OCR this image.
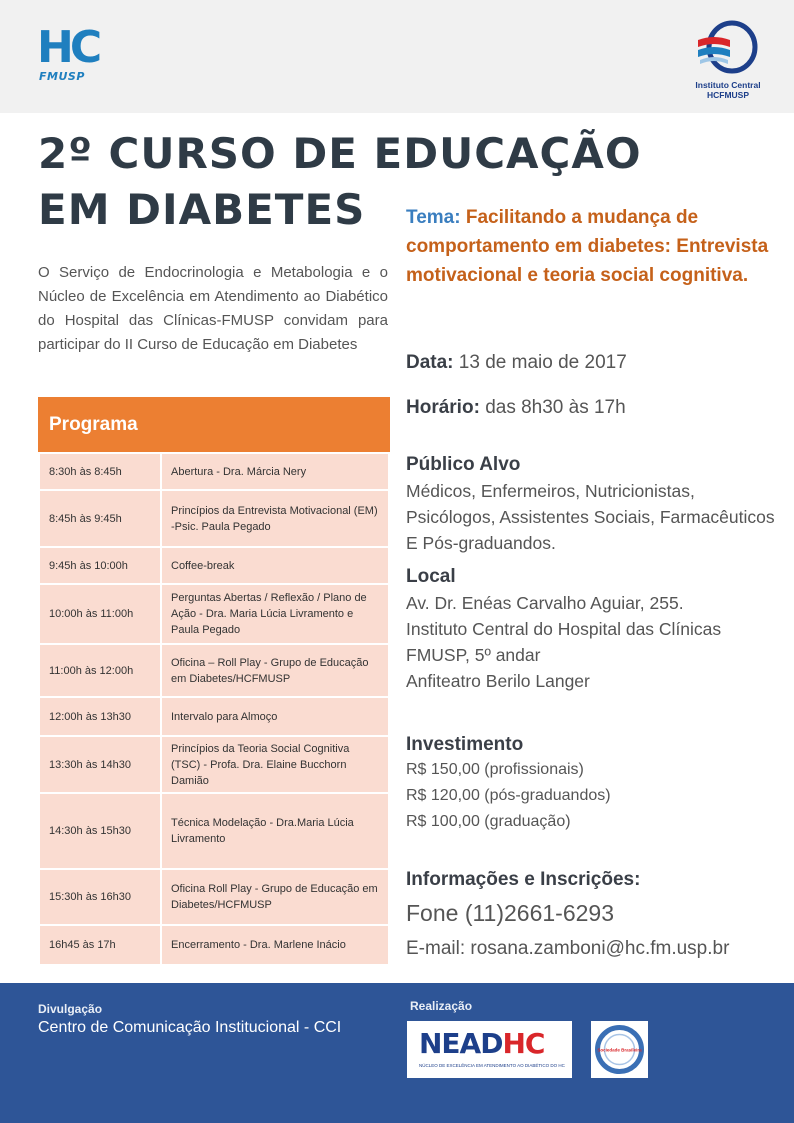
HC
FMUSP
Instituto Central
HCFMUSP
2º CURSO DE EDUCAÇÃO
EM DIABETES
O Serviço de Endocrinologia e Metabologia e o Núcleo de Excelência em Atendimento ao Diabético do Hospital das Clínicas-FMUSP convidam para participar do II Curso de Educação em Diabetes
Programa
8:30h às 8:45h	Abertura - Dra. Márcia Nery
8:45h às 9:45h	Princípios da Entrevista Motivacional (EM) -Psic. Paula Pegado
9:45h às 10:00h	Coffee-break
10:00h às 11:00h	Perguntas Abertas / Reflexão / Plano de Ação - Dra. Maria Lúcia Livramento e Paula Pegado
11:00h às 12:00h	Oficina – Roll Play - Grupo de Educação em Diabetes/HCFMUSP
12:00h às 13h30	Intervalo para Almoço
13:30h às 14h30	Princípios da Teoria Social Cognitiva (TSC) - Profa. Dra. Elaine Bucchorn Damião
14:30h às 15h30	Técnica Modelação - Dra.Maria Lúcia Livramento
15:30h às 16h30	Oficina Roll Play - Grupo de Educação em Diabetes/HCFMUSP
16h45 às 17h	Encerramento - Dra. Marlene Inácio
Tema: Facilitando a mudança de comportamento em diabetes: Entrevista motivacional e teoria social cognitiva.
Data: 13 de maio de 2017
Horário: das 8h30 às 17h
Público Alvo
Médicos, Enfermeiros, Nutricionistas, Psicólogos, Assistentes Sociais, Farmacêuticos E Pós-graduandos.
Local
Av. Dr. Enéas Carvalho Aguiar, 255.
Instituto Central do Hospital das Clínicas
FMUSP, 5º andar
Anfiteatro Berilo Langer
Investimento
R$ 150,00 (profissionais)
R$ 120,00 (pós-graduandos)
R$ 100,00 (graduação)
Informações e Inscrições:
Fone (11)2661-6293
E-mail: rosana.zamboni@hc.fm.usp.br
Divulgação
Centro de Comunicação Institucional - CCI
Realização
NEADHC
NÚCLEO DE EXCELÊNCIA EM ATENDIMENTO AO DIABÉTICO DO HC
Sociedade Brasileira
